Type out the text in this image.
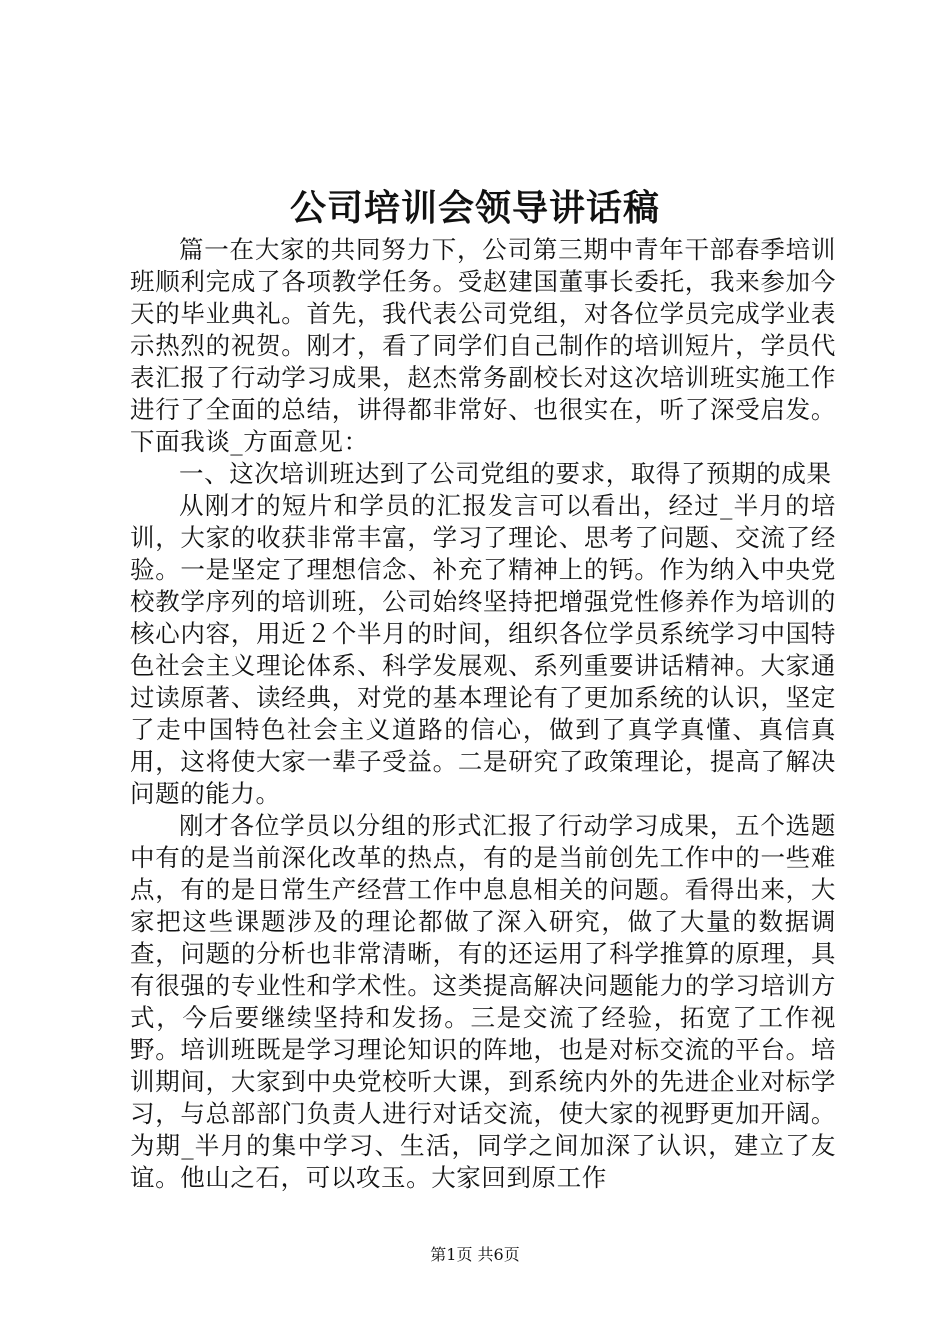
公司培训会领导讲话稿

篇一在大家的共同努力下，公司第三期中青年干部春季培训班顺利完成了各项教学任务。受赵建国董事长委托，我来参加今天的毕业典礼。首先，我代表公司党组，对各位学员完成学业表示热烈的祝贺。刚才，看了同学们自己制作的培训短片，学员代表汇报了行动学习成果，赵杰常务副校长对这次培训班实施工作进行了全面的总结，讲得都非常好、也很实在，听了深受启发。下面我谈_方面意见：

一、这次培训班达到了公司党组的要求，取得了预期的成果

从刚才的短片和学员的汇报发言可以看出，经过_半月的培训，大家的收获非常丰富，学习了理论、思考了问题、交流了经验。一是坚定了理想信念、补充了精神上的钙。作为纳入中央党校教学序列的培训班，公司始终坚持把增强党性修养作为培训的核心内容，用近２个半月的时间，组织各位学员系统学习中国特色社会主义理论体系、科学发展观、系列重要讲话精神。大家通过读原著、读经典，对党的基本理论有了更加系统的认识，坚定了走中国特色社会主义道路的信心，做到了真学真懂、真信真用，这将使大家一辈子受益。二是研究了政策理论，提高了解决问题的能力。

刚才各位学员以分组的形式汇报了行动学习成果，五个选题中有的是当前深化改革的热点，有的是当前创先工作中的一些难点，有的是日常生产经营工作中息息相关的问题。看得出来，大家把这些课题涉及的理论都做了深入研究，做了大量的数据调查，问题的分析也非常清晰，有的还运用了科学推算的原理，具有很强的专业性和学术性。这类提高解决问题能力的学习培训方式，今后要继续坚持和发扬。三是交流了经验，拓宽了工作视野。培训班既是学习理论知识的阵地，也是对标交流的平台。培训期间，大家到中央党校听大课，到系统内外的先进企业对标学习，与总部部门负责人进行对话交流，使大家的视野更加开阔。为期_半月的集中学习、生活，同学之间加深了认识，建立了友谊。他山之石，可以攻玉。大家回到原工作

第1页 共6页
